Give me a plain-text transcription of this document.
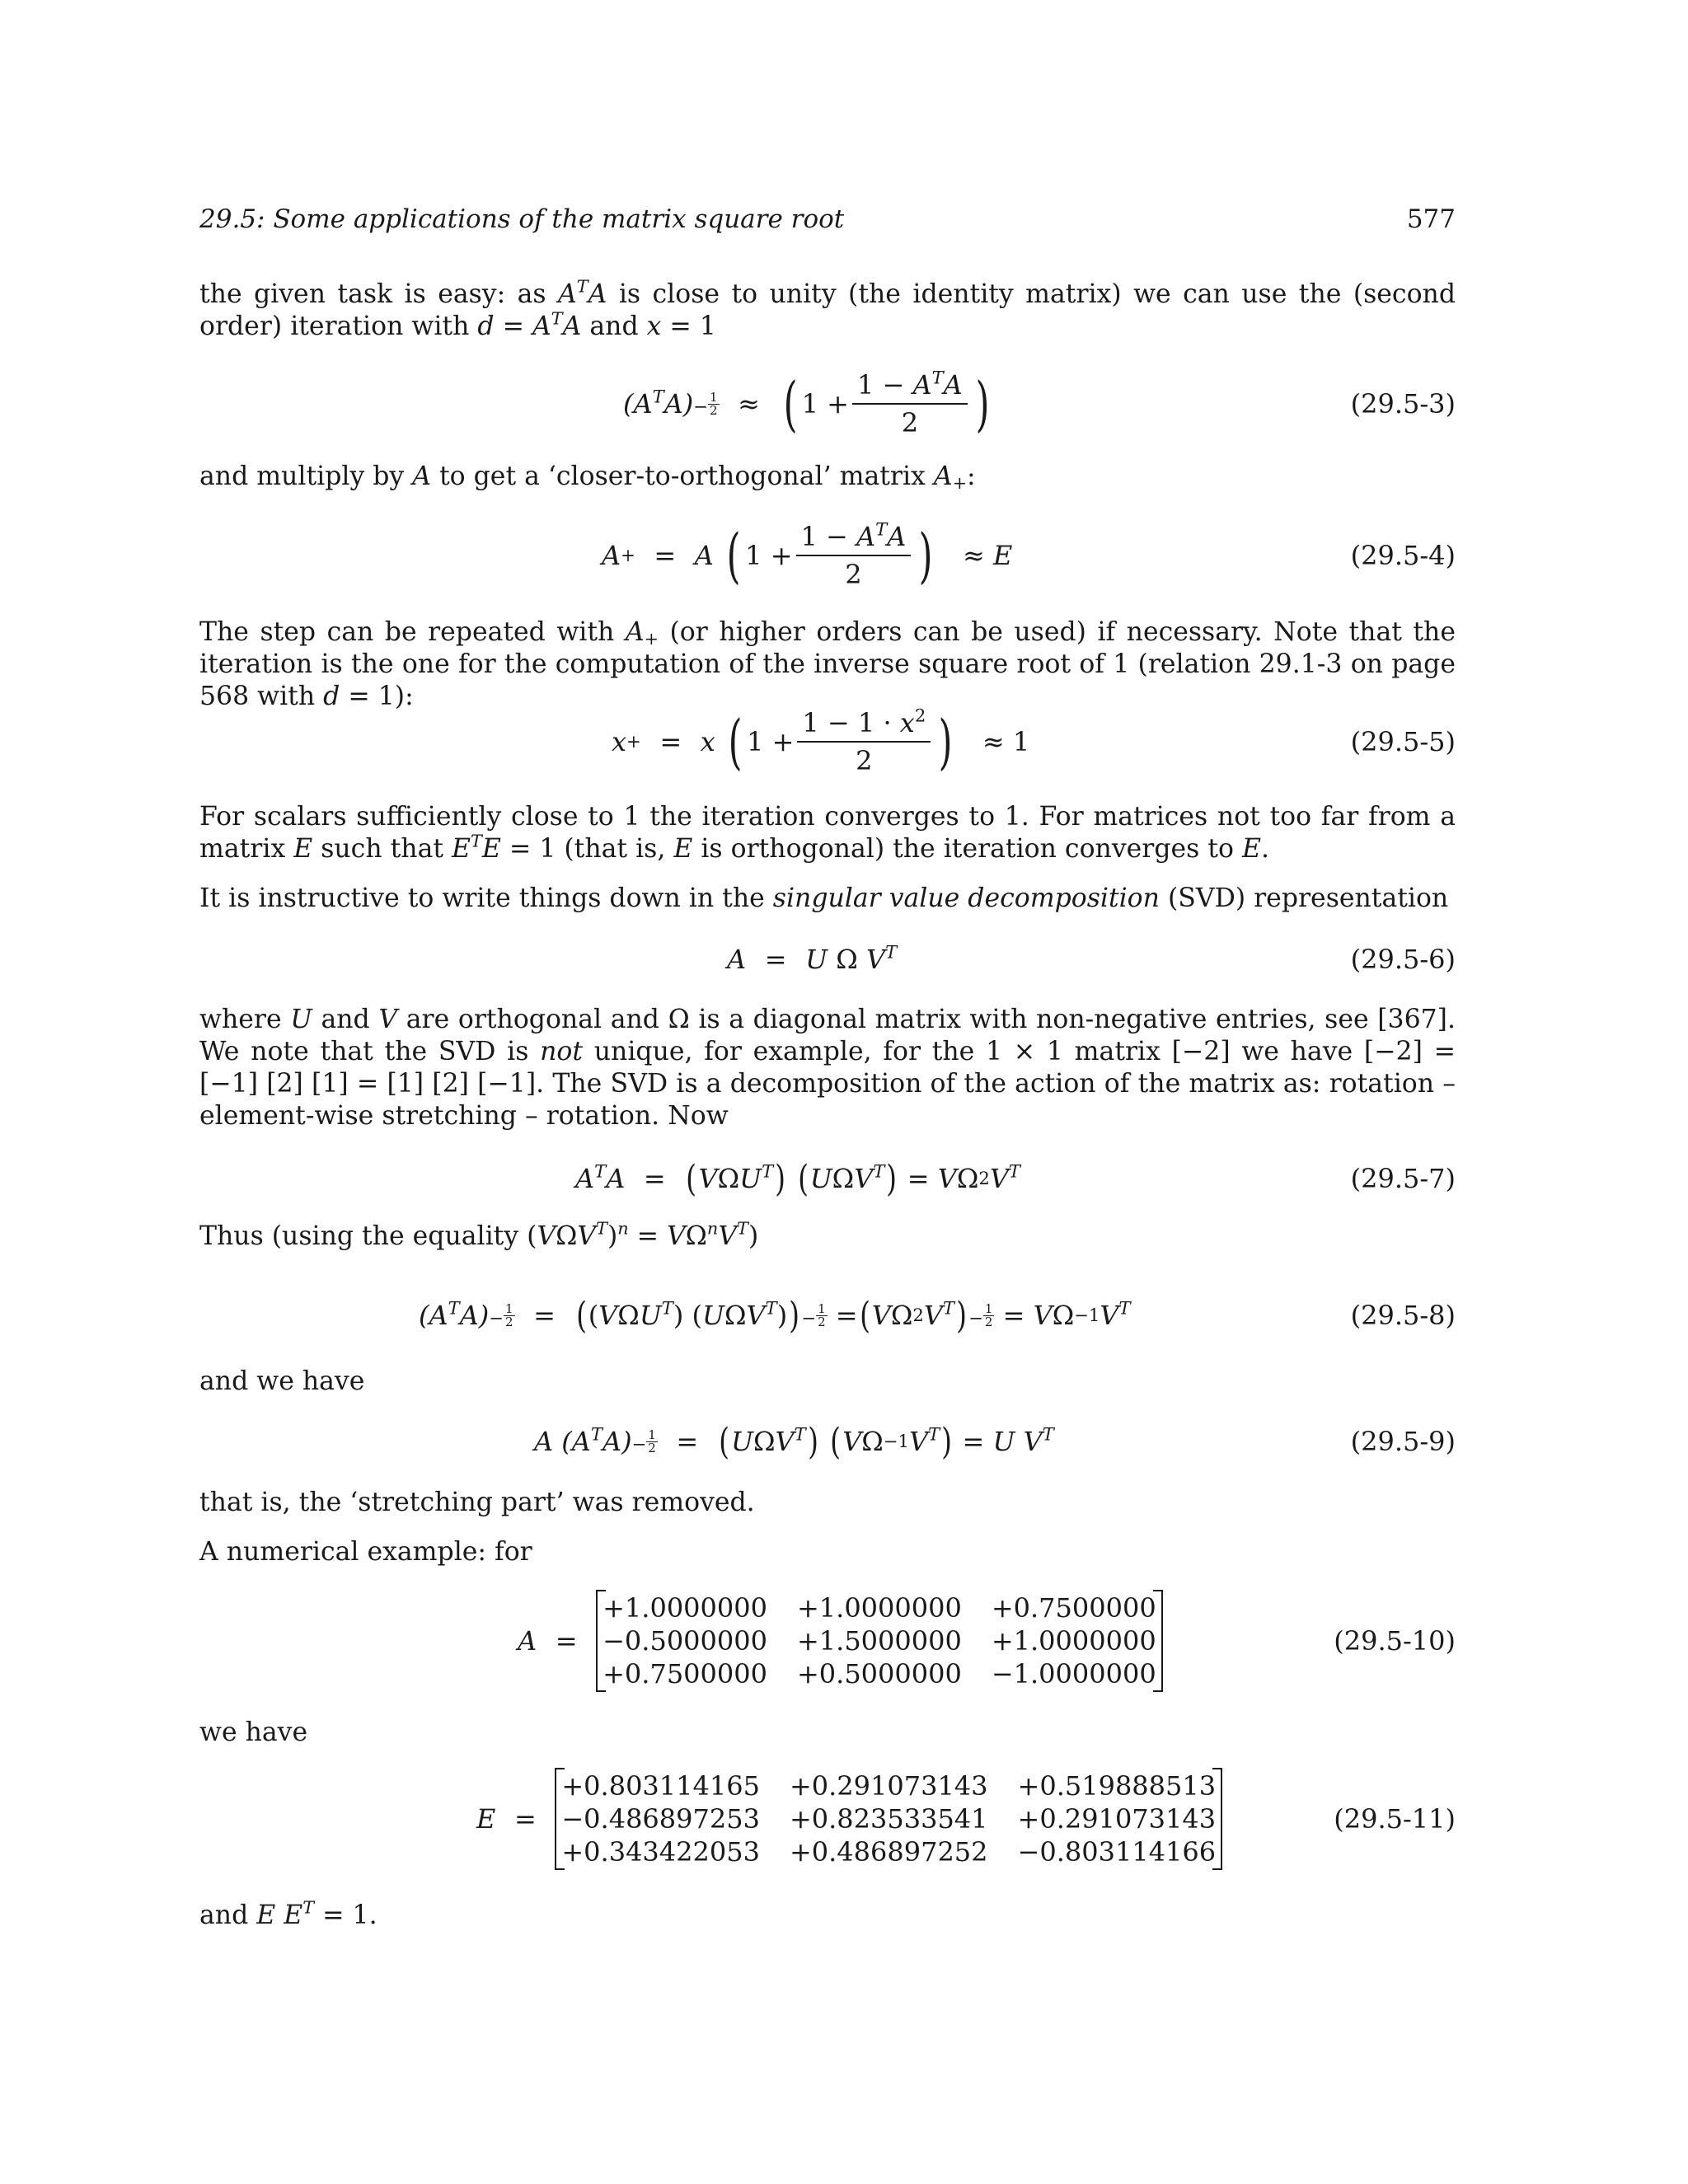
29.5: Some applications of the matrix square root	577
the given task is easy: as $A^TA$ is close to unity (the identity matrix) we can use the (second order) iteration with $d = A^TA$ and x = 1
$(A^TA) - \frac{1}{2}$ ≈ ( $1 + \frac{1 - A^TA}{2}$ )	(29.5-3)
and multiply by A to get a ‘closer-to-orthogonal’ matrix $A_+$:
A + = A
( $1 + \frac{1 - A^TA}{2}$ ) ≈ E	(29.5-4)
The step can be repeated with $A_+$ (or higher orders can be used) if necessary. Note that the iteration is the one for the computation of the inverse square root of 1 (relation 29.1-3 on page 568 with d = 1):
x + = x
( $1 + \frac{1 - 1 \cdot x^2}{2}$ ) ≈ 1	(29.5-5)
For scalars sufficiently close to 1 the iteration converges to 1. For matrices not too far from a matrix E such that $E^TE = 1$ (that is, E is orthogonal) the iteration converges to E.
It is instructive to write things down in the singular value decomposition (SVD) representation
A = U Ω $V^T$	(29.5-6)
where U and V are orthogonal and Ω is a diagonal matrix with non-negative entries, see [367]. We note that the SVD is not unique, for example, for the 1 × 1 matrix [−2] we have [−2] = [−1] [2] [1] = [1] [2] [−1]. The SVD is a decomposition of the action of the matrix as: rotation – element-wise stretching – rotation. Now
$A^TA$ = ( V Ω $U^T$ )
( U Ω $V^T$ ) = V Ω 2 $V^T$	(29.5-7)
Thus (using the equality $(V\Omega V^T)^n = V\Omega^nV^T$)
$(A^TA) - \frac{1}{2}$ = ( ( V Ω $U^T$ ) ( U Ω $V^T$ ) ) − $\frac{1}{2}$ = ( V Ω 2 $V^T$ ) − $\frac{1}{2} = V$ Ω −1 $V^T$	(29.5-8)
and we have
A
$(A^TA) - \frac{1}{2}$ = ( U Ω $V^T$ )
( V Ω −1 $V^T$ ) = U $V^T$	(29.5-9)
that is, the ‘stretching part’ was removed.
A numerical example: for
A =
+1.0000000 +1.0000000 +0.7500000
−0.5000000 +1.5000000 +1.0000000
+0.7500000 +0.5000000 −1.0000000
(29.5-10)
we have
E =
+0.803114165 +0.291073143 +0.519888513
−0.486897253 +0.823533541 +0.291073143
+0.343422053 +0.486897252 −0.803114166
(29.5-11)
and E $E^T = 1$.
